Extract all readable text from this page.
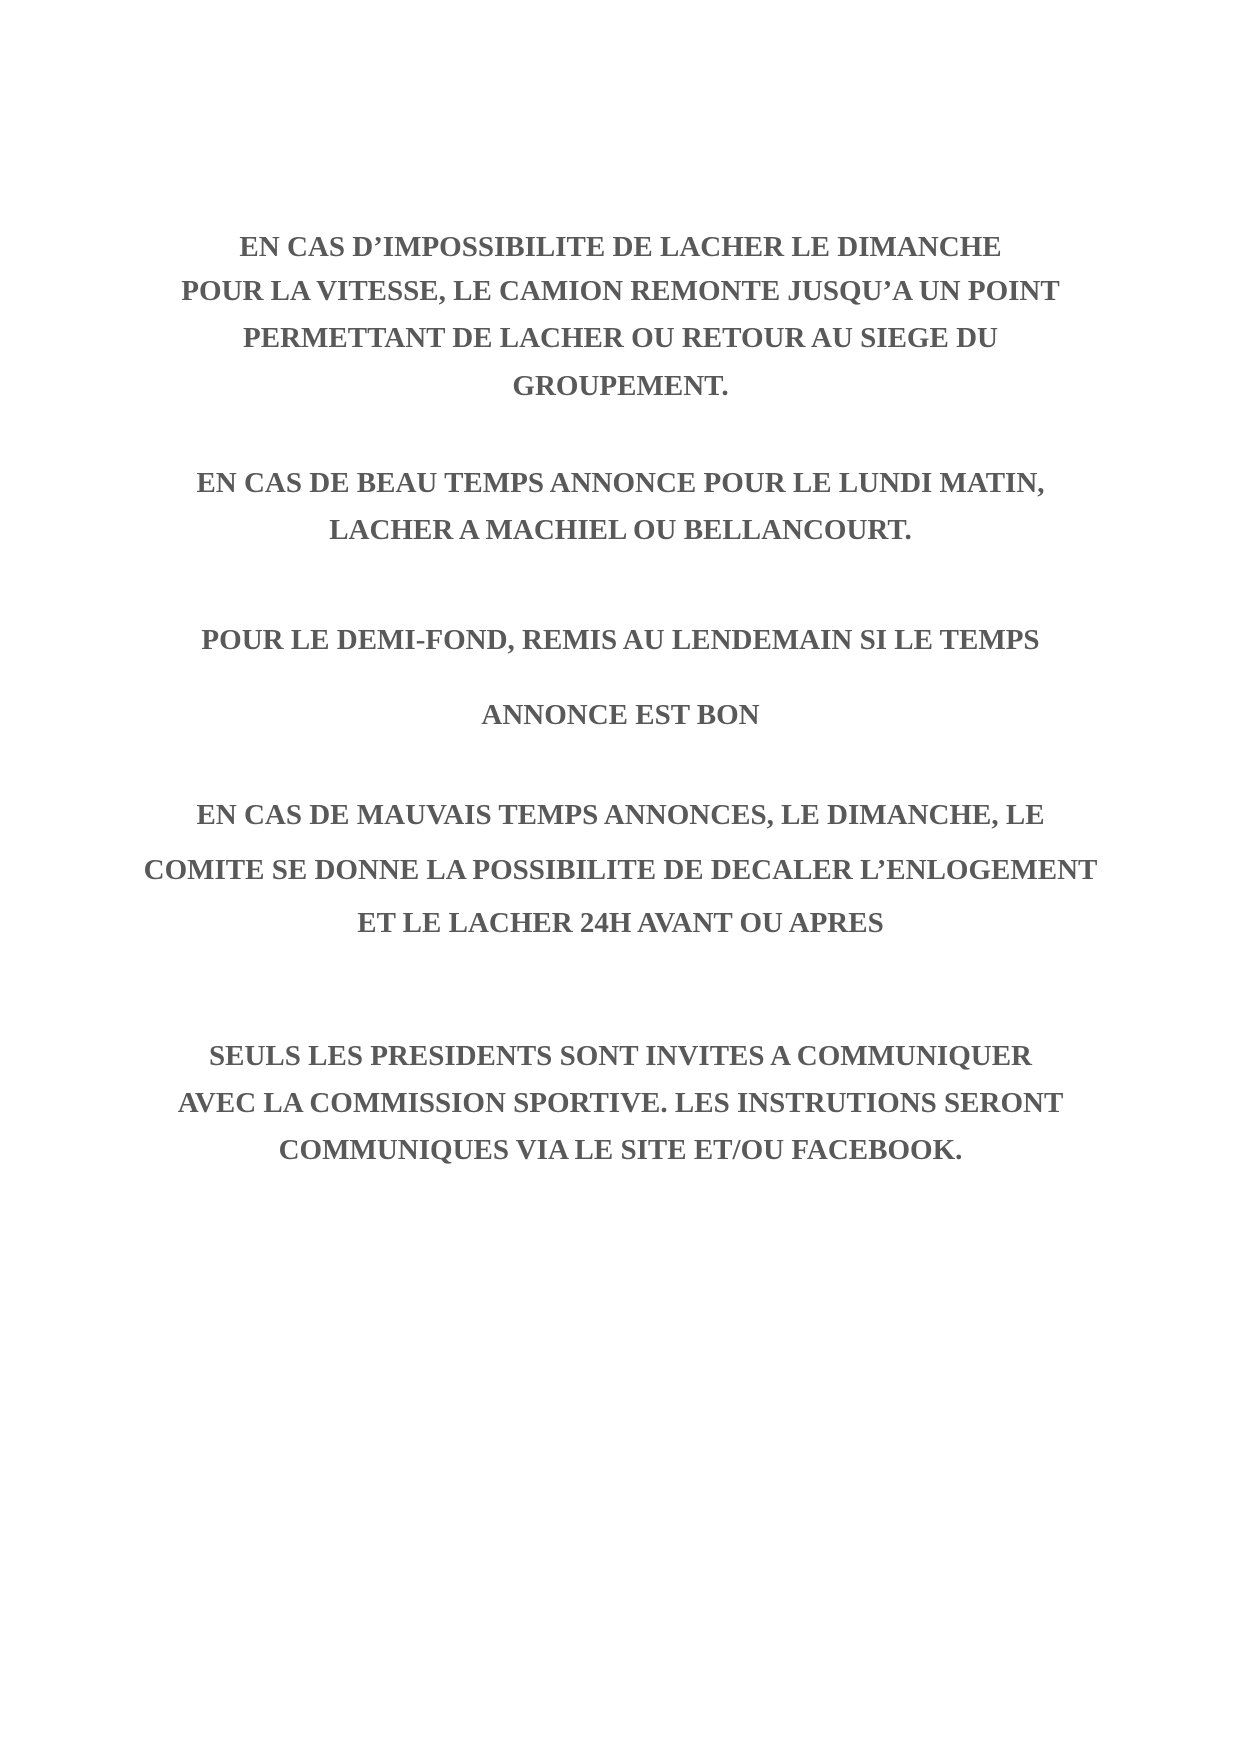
EN CAS D’IMPOSSIBILITE DE LACHER LE DIMANCHE
POUR LA VITESSE, LE CAMION REMONTE JUSQU’A UN POINT
PERMETTANT DE LACHER OU RETOUR AU SIEGE DU
GROUPEMENT.
EN CAS DE BEAU TEMPS ANNONCE POUR LE LUNDI MATIN,
LACHER A MACHIEL OU BELLANCOURT.
POUR LE DEMI-FOND, REMIS AU LENDEMAIN SI LE TEMPS
ANNONCE EST BON
EN CAS DE MAUVAIS TEMPS ANNONCES, LE DIMANCHE, LE
COMITE SE DONNE LA POSSIBILITE DE DECALER L’ENLOGEMENT
ET LE LACHER 24H AVANT OU APRES
SEULS LES PRESIDENTS SONT INVITES A COMMUNIQUER
AVEC LA COMMISSION SPORTIVE. LES INSTRUTIONS SERONT
COMMUNIQUES VIA LE SITE ET/OU FACEBOOK.
